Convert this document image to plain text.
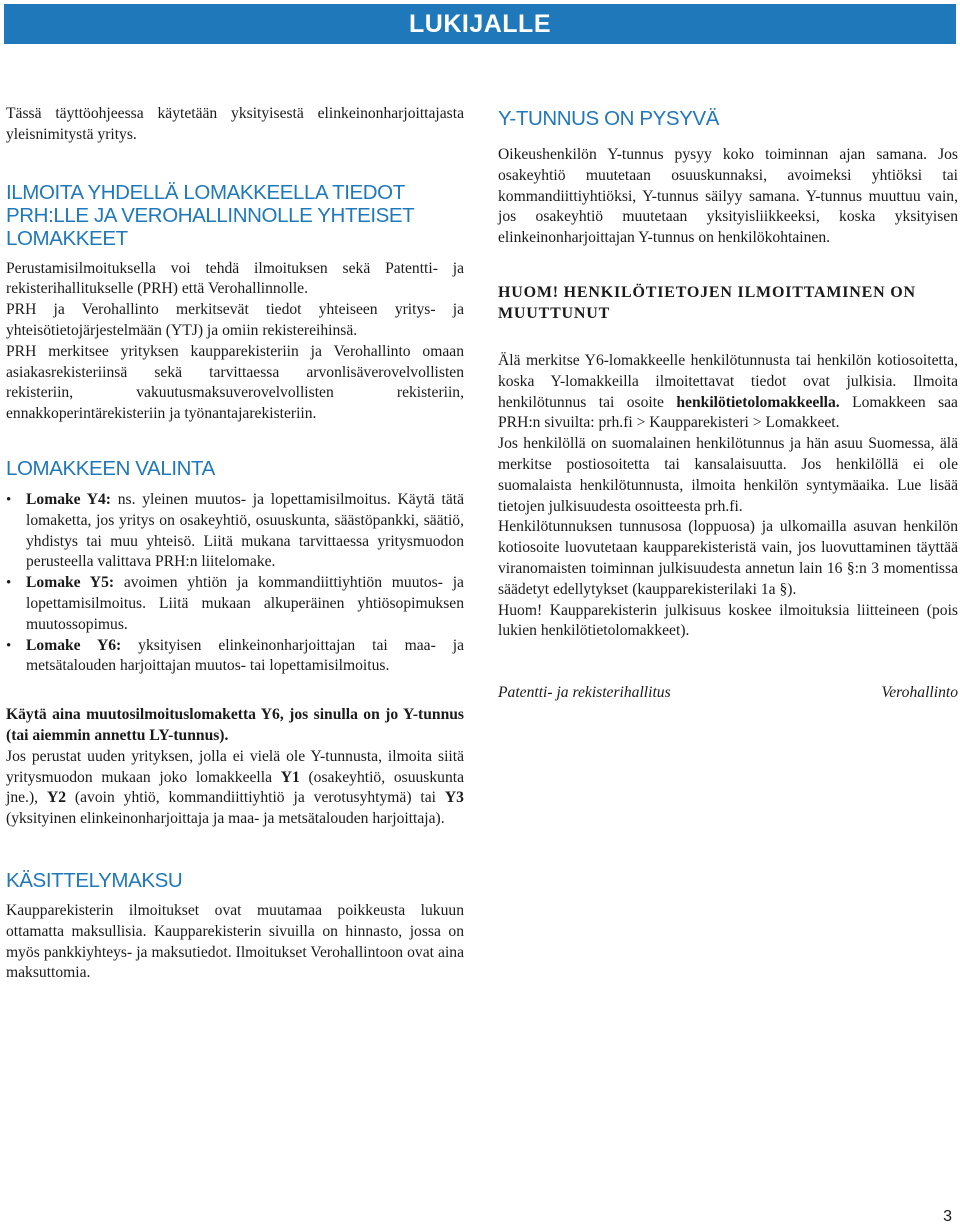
LUKIJALLE

Tässä täyttöohjeessa käytetään yksityisestä elinkeinonharjoittajasta yleisnimitystä yritys.

ILMOITA YHDELLÄ LOMAKKEELLA TIEDOT PRH:LLE JA VEROHALLINNOLLE YHTEISET LOMAKKEET

Perustamisilmoituksella voi tehdä ilmoituksen sekä Patentti- ja rekisterihallitukselle (PRH) että Verohallinnolle.

PRH ja Verohallinto merkitsevät tiedot yhteiseen yritys- ja yhteisötietojärjestelmään (YTJ) ja omiin rekistereihinsä.

PRH merkitsee yrityksen kaupparekisteriin ja Verohallinto omaan asiakasrekisteriinsä sekä tarvittaessa arvonlisäverovelvollisten rekisteriin, vakuutusmaksuverovelvollisten rekisteriin, ennakkoperintärekisteriin ja työnantajarekisteriin.

LOMAKKEEN VALINTA
• Lomake Y4: ns. yleinen muutos- ja lopettamisilmoitus. Käytä tätä lomaketta, jos yritys on osakeyhtiö, osuuskunta, säästöpankki, säätiö, yhdistys tai muu yhteisö. Liitä mukana tarvittaessa yritysmuodon perusteella valittava PRH:n liitelomake.
• Lomake Y5: avoimen yhtiön ja kommandiittiyhtiön muutos- ja lopettamisilmoitus. Liitä mukaan alkuperäinen yhtiösopimuksen muutossopimus.
• Lomake Y6: yksityisen elinkeinonharjoittajan tai maa- ja metsätalouden harjoittajan muutos- tai lopettamisilmoitus.

Käytä aina muutosilmoituslomaketta Y6, jos sinulla on jo Y-tunnus (tai aiemmin annettu LY-tunnus).

Jos perustat uuden yrityksen, jolla ei vielä ole Y-tunnusta, ilmoita siitä yritysmuodon mukaan joko lomakkeella Y1 (osakeyhtiö, osuuskunta jne.), Y2 (avoin yhtiö, kommandiittiyhtiö ja verotusyhtymä) tai Y3 (yksityinen elinkeinonharjoittaja ja maa- ja metsätalouden harjoittaja).

KÄSITTELYMAKSU

Kaupparekisterin ilmoitukset ovat muutamaa poikkeusta lukuun ottamatta maksullisia. Kaupparekisterin sivuilla on hinnasto, jossa on myös pankkiyhteys- ja maksutiedot. Ilmoitukset Verohallintoon ovat aina maksuttomia.

Y-TUNNUS ON PYSYVÄ

Oikeushenkilön Y-tunnus pysyy koko toiminnan ajan samana. Jos osakeyhtiö muutetaan osuuskunnaksi, avoimeksi yhtiöksi tai kommandiittiyhtiöksi, Y-tunnus säilyy samana. Y-tunnus muuttuu vain, jos osakeyhtiö muutetaan yksityisliikkeeksi, koska yksityisen elinkeinonharjoittajan Y-tunnus on henkilökohtainen.

HUOM! HENKILÖTIETOJEN ILMOITTAMINEN ON MUUTTUNUT

Älä merkitse Y6-lomakkeelle henkilötunnusta tai henkilön kotiosoitetta, koska Y-lomakkeilla ilmoitettavat tiedot ovat julkisia. Ilmoita henkilötunnus tai osoite henkilötietolomakkeella. Lomakkeen saa PRH:n sivuilta: prh.fi > Kaupparekisteri > Lomakkeet.

Jos henkilöllä on suomalainen henkilötunnus ja hän asuu Suomessa, älä merkitse postiosoitetta tai kansalaisuutta. Jos henkilöllä ei ole suomalaista henkilötunnusta, ilmoita henkilön syntymäaika. Lue lisää tietojen julkisuudesta osoitteesta prh.fi.

Henkilötunnuksen tunnusosa (loppuosa) ja ulkomailla asuvan henkilön kotiosoite luovutetaan kaupparekisteristä vain, jos luovuttaminen täyttää viranomaisten toiminnan julkisuudesta annetun lain 16 §:n 3 momentissa säädetyt edellytykset (kaupparekisterilaki 1a §).

Huom! Kaupparekisterin julkisuus koskee ilmoituksia liitteineen (pois lukien henkilötietolomakkeet).

Patentti- ja rekisterihallitus	Verohallinto
3
